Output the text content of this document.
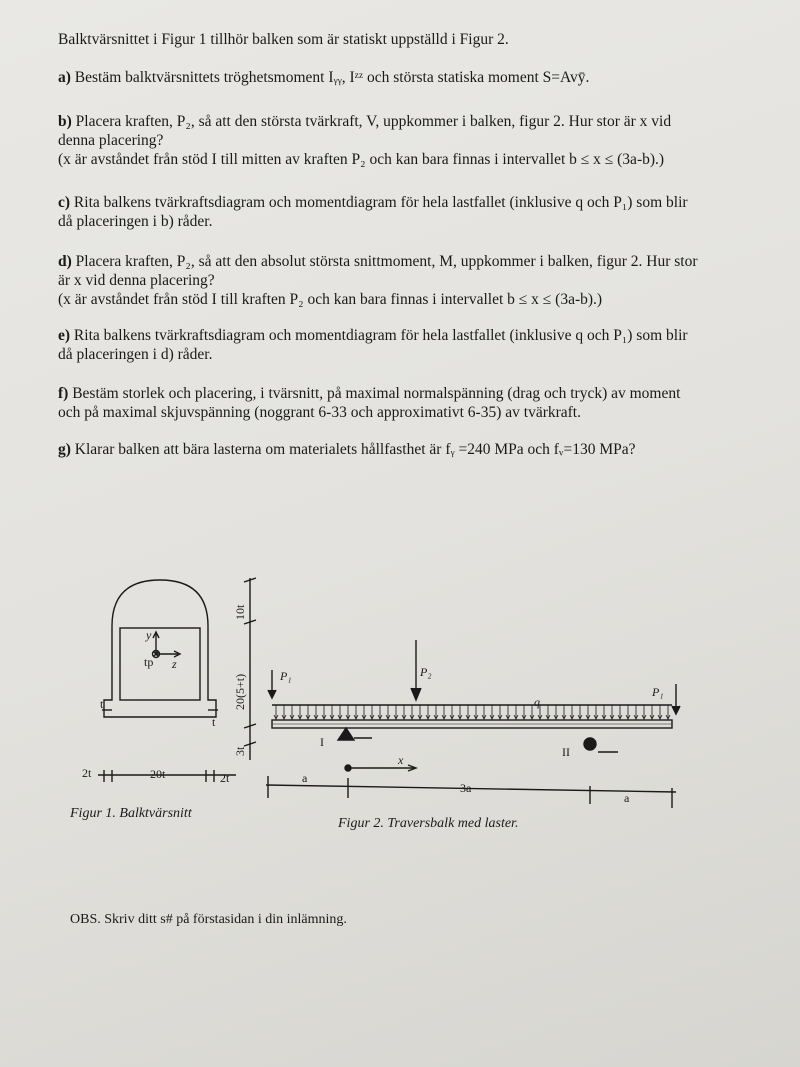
Balktvärsnittet i Figur 1 tillhör balken som är statiskt uppställd i Figur 2.
a) Bestäm balktvärsnittets tröghetsmoment Iᵧᵧ, Iᶻᶻ och största statiska moment S=Avȳ.
b) Placera kraften, P₂, så att den största tvärkraft, V, uppkommer i balken, figur 2. Hur stor är x vid
denna placering?
(x är avståndet från stöd I till mitten av kraften P₂ och kan bara finnas i intervallet b ≤ x ≤ (3a-b).)
c) Rita balkens tvärkraftsdiagram och momentdiagram för hela lastfallet (inklusive q och P₁) som blir
då placeringen i b) råder.
d) Placera kraften, P₂, så att den absolut största snittmoment, M, uppkommer i balken, figur 2. Hur stor
är x vid denna placering?
(x är avståndet från stöd I till kraften P₂ och kan bara finnas i intervallet b ≤ x ≤ (3a-b).)
e) Rita balkens tvärkraftsdiagram och momentdiagram för hela lastfallet (inklusive q och P₁) som blir
då placeringen i d) råder.
f) Bestäm storlek och placering, i tvärsnitt, på maximal normalspänning (drag och tryck) av moment
och på maximal skjuvspänning (noggrant 6-33 och approximativt 6-35) av tvärkraft.
g) Klarar balken att bära lasterna om materialets hållfasthet är fᵧ =240 MPa och fᵥ=130 MPa?
y
z
tp
t
t
2t	20t	2t
10t
20(5+t)
3t
P₁	P₂
q
P₁
I
II
x
a
3a
a
Figur 1. Balktvärsnitt
Figur 2. Traversbalk med laster.
OBS. Skriv ditt s# på förstasidan i din inlämning.
